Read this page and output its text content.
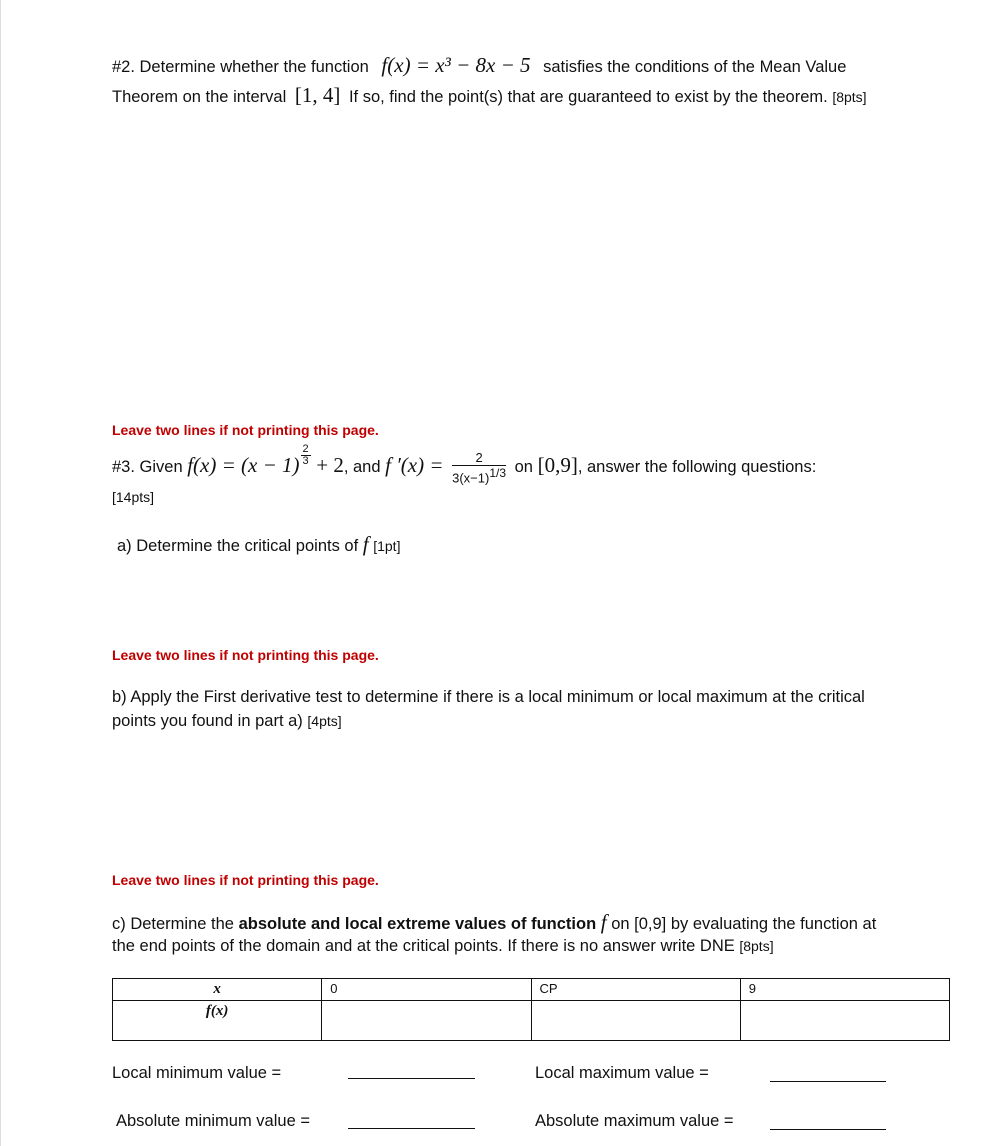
#2. Determine whether the function f(x) = x³ − 8x − 5 satisfies the conditions of the Mean Value
Theorem on the interval [1, 4] If so, find the point(s) that are guaranteed to exist by the theorem. [8pts]
Leave two lines if not printing this page.
#3. Given $f(x) = (x - 1) \frac{2}{3} + 2$, and f $'(x) = \frac{2}{3(x-1)^{1/3}}$ on [0,9], answer the following questions:
[14pts]
a) Determine the critical points of f [1pt]
Leave two lines if not printing this page.
b) Apply the First derivative test to determine if there is a local minimum or local maximum at the critical
points you found in part a) [4pts]
Leave two lines if not printing this page.
c) Determine the absolute and local extreme values of function f on [0,9] by evaluating the function at
the end points of the domain and at the critical points. If there is no answer write DNE [8pts]
x	0	CP	9
f(x)			
Local minimum value =	Local maximum value =
Absolute minimum value =	Absolute maximum value =
